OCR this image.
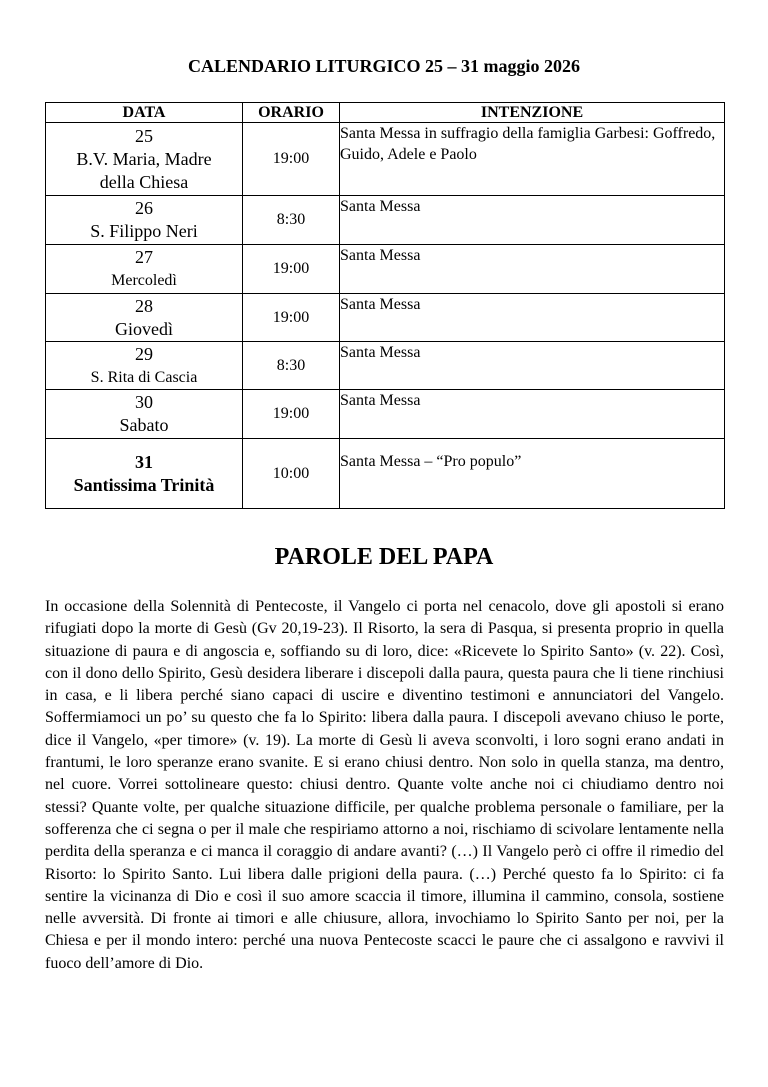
CALENDARIO LITURGICO 25 – 31 maggio 2026
DATA	ORARIO	INTENZIONE

25
B.V. Maria, Madre
della Chiesa	19:00	Santa Messa in suffragio della famiglia Garbesi: Goffredo, Guido, Adele e Paolo

26
S. Filippo Neri	8:30	Santa Messa

27
Mercoledì	19:00	Santa Messa

28
Giovedì	19:00	Santa Messa

29
S. Rita di Cascia	8:30	Santa Messa

30
Sabato	19:00	Santa Messa

31
Santissima Trinità	10:00	Santa Messa – “Pro populo”
PAROLE DEL PAPA

In occasione della Solennità di Pentecoste, il Vangelo ci porta nel cenacolo, dove gli apostoli si erano rifugiati dopo la morte di Gesù (Gv 20,19-23). Il Risorto, la sera di Pasqua, si presenta proprio in quella situazione di paura e di angoscia e, soffiando su di loro, dice: «Ricevete lo Spirito Santo» (v. 22). Così, con il dono dello Spirito, Gesù desidera liberare i discepoli dalla paura, questa paura che li tiene rinchiusi in casa, e li libera perché siano capaci di uscire e diventino testimoni e annunciatori del Vangelo. Soffermiamoci un po’ su questo che fa lo Spirito: libera dalla paura. I discepoli avevano chiuso le porte, dice il Vangelo, «per timore» (v. 19). La morte di Gesù li aveva sconvolti, i loro sogni erano andati in frantumi, le loro speranze erano svanite. E si erano chiusi dentro. Non solo in quella stanza, ma dentro, nel cuore. Vorrei sottolineare questo: chiusi dentro. Quante volte anche noi ci chiudiamo dentro noi stessi? Quante volte, per qualche situazione difficile, per qualche problema personale o familiare, per la sofferenza che ci segna o per il male che respiriamo attorno a noi, rischiamo di scivolare lentamente nella perdita della speranza e ci manca il coraggio di andare avanti? (…) Il Vangelo però ci offre il rimedio del Risorto: lo Spirito Santo. Lui libera dalle prigioni della paura. (…) Perché questo fa lo Spirito: ci fa sentire la vicinanza di Dio e così il suo amore scaccia il timore, illumina il cammino, consola, sostiene nelle avversità. Di fronte ai timori e alle chiusure, allora, invochiamo lo Spirito Santo per noi, per la Chiesa e per il mondo intero: perché una nuova Pentecoste scacci le paure che ci assalgono e ravvivi il fuoco dell’amore di Dio.
